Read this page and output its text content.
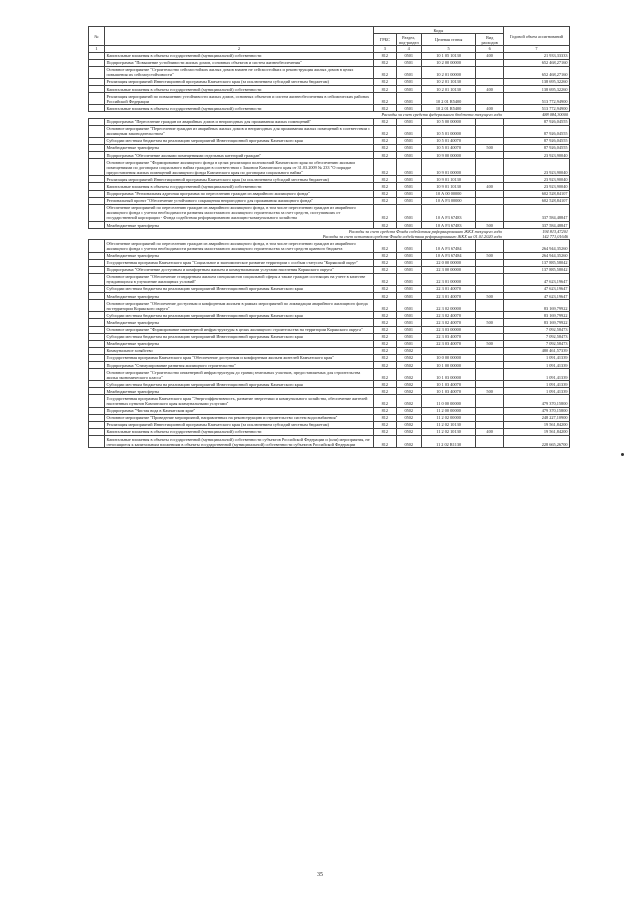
№		Коды				Годовой объем ассигнований
		ГРБС	Раздел, под-раздел	Целевая статья	Вид расходов	
1	2	3	4	5	6	7
	Капитальные вложения в объекты государственной (муниципальной) собственности	812	0501	10 1 05 10130	400	21 933,33333
	Подпрограмма "Повышение устойчивости жилых домов, основных объектов и систем жизнеобеспечения"	812	0501	10 2 00 00000		652 468,27160
	Основное мероприятие "Строительство сейсмостойких жилых домов взамен не сейсмостойких и реконструкция жилых домов в целях повышения их сейсмоустойчивости"	812	0501	10 2 01 00000		652 468,27160
	Реализация мероприятий Инвестиционной программы Камчатского края (за исключением субсидий местным бюджетам)	812	0501	10 2 01 10130		138 695,32260
	Капитальные вложения в объекты государственной (муниципальной) собственности	812	0501	10 2 01 10130	400	138 695,32260
	Реализация мероприятий по повышению устойчивости жилых домов, основных объектов и систем жизнеобеспечения в сейсмических районах Российской Федерации	812	0501	10 2 01 R5400		513 772,94900
	Капитальные вложения в объекты государственной (муниципальной) собственности	812	0501	10 2 01 R5400	400	513 772,94900
	Расходы за счет средств федерального бюджета текущего года					488 084,30000
	Подпрограмма "Переселение граждан из аварийных домов и непригодных для проживания жилых помещений"	812	0501	10 5 00 00000		87 926,04555
	Основное мероприятие "Переселение граждан из аварийных жилых домов и непригодных для проживания жилых помещений в соответствии с жилищным законодательством"	812	0501	10 5 01 00000		87 926,04555
	Субсидии местным бюджетам на реализацию мероприятий Инвестиционной программы Камчатского края	812	0501	10 5 01 40070		87 926,04555
	Межбюджетные трансферты	812	0501	10 5 01 40070	500	87 926,04555
	Подпрограмма "Обеспечение жилыми помещениями отдельных категорий граждан"	812	0501	10 9 00 00000		23 923,90040
	Основное мероприятие "Формирование жилищного фонда в целях реализации полномочий Камчатского края по обеспечению жилыми помещениями по договорам социального найма граждан в соответствии с Законом Камчатского края от 31.03.2009 № 233 "О порядке предоставления жилых помещений жилищного фонда Камчатского края по договорам социального найма"	812	0501	10 9 01 00000		23 923,90040
	Реализация мероприятий Инвестиционной программы Камчатского края (за исключением субсидий местным бюджетам)	812	0501	10 9 01 10130		23 923,90040
	Капитальные вложения в объекты государственной (муниципальной) собственности	812	0501	10 9 01 10130	400	23 923,90040
	Подпрограмма "Региональная адресная программа по переселению граждан из аварийного жилищного фонда"	812	0501	10 А 00 00000		602 528,84107
	Региональный проект "Обеспечение устойчивого сокращения непригодного для проживания жилищного фонда"	812	0501	10 А F3 00000		602 528,84107
	Обеспечение мероприятий по переселению граждан из аварийного жилищного фонда, в том числе переселению граждан из аварийного жилищного фонда с учетом необходимости развития малоэтажного жилищного строительства за счет средств, поступивших от государственной корпорации - Фонда содействия реформированию жилищно-коммунального хозяйства	812	0501	10 А F3 67483		337 584,48847
	Межбюджетные трансферты	812	0501	10 А F3 67483	500	337 584,48847
	Расходы за счет средств Фонда содействия реформированию ЖКХ текущего года					194 813,47201
	Расходы за счет остатков средств Фонда содействия реформированию ЖКХ на 01.01.2020 года					142 771,01646
	Обеспечение мероприятий по переселению граждан из аварийного жилищного фонда, в том числе переселению граждан из аварийного жилищного фонда с учетом необходимости развития малоэтажного жилищного строительства за счет средств краевого бюджета	812	0501	10 А F3 67484		264 944,35260
	Межбюджетные трансферты	812	0501	10 А F3 67484	500	264 944,35260
	Государственная программа Камчатского края "Социальное и экономическое развитие территории с особым статусом "Корякский округ"	812	0501	22 0 00 00000		137 885,58042
	Подпрограмма "Обеспечение доступным и комфортным жильем и коммунальными услугами населения Корякского округа"	812	0501	22 3 00 00000		137 885,58042
	Основное мероприятие "Обеспечение стандартным жильем специалистов социальной сферы а также граждан состоящих на учете в качестве нуждающихся в улучшение жилищных условий"	812	0501	22 3 01 00000		47 623,19647
	Субсидии местным бюджетам на реализацию мероприятий Инвестиционной программы Камчатского края	812	0501	22 3 01 40070		47 623,19647
	Межбюджетные трансферты	812	0501	22 3 01 40070	500	47 623,19647
	Основное мероприятие "Обеспечение доступным и комфортным жильем в рамках мероприятий по ликвидации аварийного жилищного фонда на территории Корякского округа"	812	0501	22 3 02 00000		83 169,79922
	Субсидии местным бюджетам на реализацию мероприятий Инвестиционной программы Камчатского края	812	0501	22 3 02 40070		83 169,79922
	Межбюджетные трансферты	812	0501	22 3 02 40070	500	83 169,79922
	Основное мероприятие "Формирование инженерной инфраструктуры в целях жилищного строительства на территории Корякского округа"	812	0501	22 3 03 00000		7 092,58473
	Субсидии местным бюджетам на реализацию мероприятий Инвестиционной программы Камчатского края	812	0501	22 3 03 40070		7 092,58473
	Межбюджетные трансферты	812	0501	22 3 03 40070	500	7 092,58473
	Коммунальное хозяйство	812	0502			480 461,57339
	Государственная программа Камчатского края "Обеспечение доступным и комфортным жильем жителей Камчатского края"	812	0502	10 0 00 00000		1 091,41339
	Подпрограмма "Стимулирование развития жилищного строительства"	812	0502	10 1 00 00000		1 091,41339
	Основное мероприятие "Строительство инженерной инфраструктуры до границ земельных участков, предоставляемых для строительства жилья экономического класса"	812	0502	10 1 03 00000		1 091,41339
	Субсидии местным бюджетам на реализацию мероприятий Инвестиционной программы Камчатского края	812	0502	10 1 03 40070		1 091,41339
	Межбюджетные трансферты	812	0502	10 1 03 40070	500	1 091,41339
	Государственная программа Камчатского края "Энергоэффективность, развитие энергетики и коммунального хозяйства, обеспечение жителей населенных пунктов Камчатского края коммунальными услугами"	812	0502	11 0 00 00000		479 370,15800
	Подпрограмма "Чистая вода в Камчатском крае"	812	0502	11 2 00 00000		479 370,15800
	Основное мероприятие "Проведение мероприятий, направленных на реконструкцию и строительство систем водоснабжения"	812	0502	11 2 02 00000		248 227,10900
	Реализация мероприятий Инвестиционной программы Камчатского края (за исключением субсидий местным бюджетам)	812	0502	11 2 02 10130		19 561,84200
	Капитальные вложения в объекты государственной (муниципальной) собственности	812	0502	11 2 02 10130	400	19 561,84200
	Капитальные вложения в объекты государственной (муниципальной) собственности субъектов Российской Федерации и (или) мероприятия, не относящиеся к капитальным вложениям в объекты государственной (муниципальной) собственности субъектов Российской Федерации	812	0502	11 2 02 R1130		228 665,26700
35
